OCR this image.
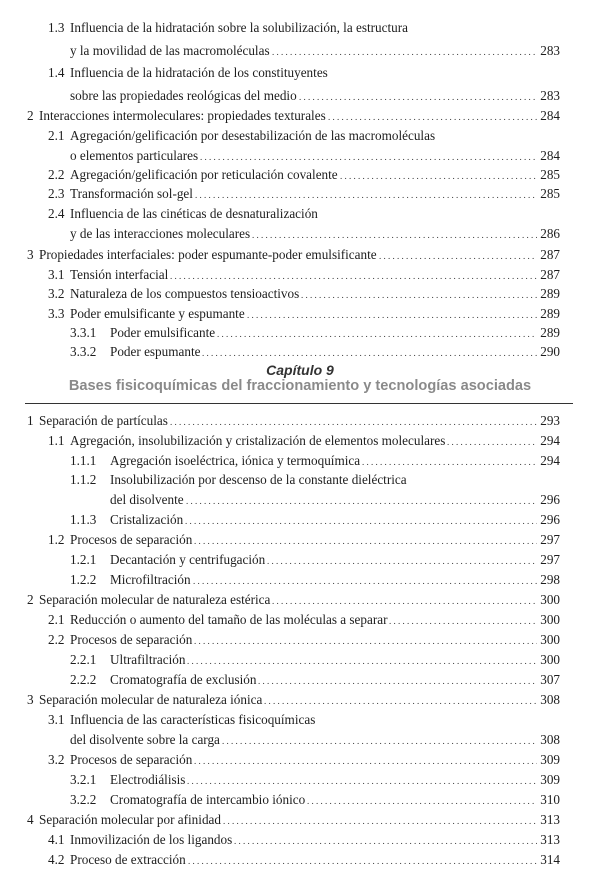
1.3 Influencia de la hidratación sobre la solubilización, la estructura
y la movilidad de las macromoléculas . . .	283
1.4 Influencia de la hidratación de los constituyentes
sobre las propiedades reológicas del medio . . .	283
2 Interacciones intermoleculares: propiedades texturales . . .	284
2.1 Agregación/gelificación por desestabilización de las macromoléculas
o elementos particulares . . .	284
2.2 Agregación/gelificación por reticulación covalente . . .	285
2.3 Transformación sol-gel . . .	285
2.4 Influencia de las cinéticas de desnaturalización
y de las interacciones moleculares . . .	286
3 Propiedades interfaciales: poder espumante-poder emulsificante . . .	287
3.1 Tensión interfacial . . .	287
3.2 Naturaleza de los compuestos tensioactivos . . .	289
3.3 Poder emulsificante y espumante . . .	289
3.3.1 Poder emulsificante . . .	289
3.3.2 Poder espumante . . .	290
1 Separación de partículas . . .	293
1.1 Agregación, insolubilización y cristalización de elementos moleculares . . .	294
1.1.1 Agregación isoeléctrica, iónica y termoquímica . . .	294
1.1.2 Insolubilización por descenso de la constante dieléctrica
del disolvente . . .	296
1.1.3 Cristalización . . .	296
1.2 Procesos de separación . . .	297
1.2.1 Decantación y centrifugación . . .	297
1.2.2 Microfiltración . . .	298
2 Separación molecular de naturaleza estérica . . .	300
2.1 Reducción o aumento del tamaño de las moléculas a separar . . .	300
2.2 Procesos de separación . . .	300
2.2.1 Ultrafiltración . . .	300
2.2.2 Cromatografía de exclusión . . .	307
3 Separación molecular de naturaleza iónica . . .	308
3.1 Influencia de las características fisicoquímicas
del disolvente sobre la carga . . .	308
3.2 Procesos de separación . . .	309
3.2.1 Electrodiálisis . . .	309
3.2.2 Cromatografía de intercambio iónico . . .	310
4 Separación molecular por afinidad . . .	313
4.1 Inmovilización de los ligandos . . .	313
4.2 Proceso de extracción . . .	314
Capítulo 9
Bases fisicoquímicas del fraccionamiento y tecnologías asociadas
